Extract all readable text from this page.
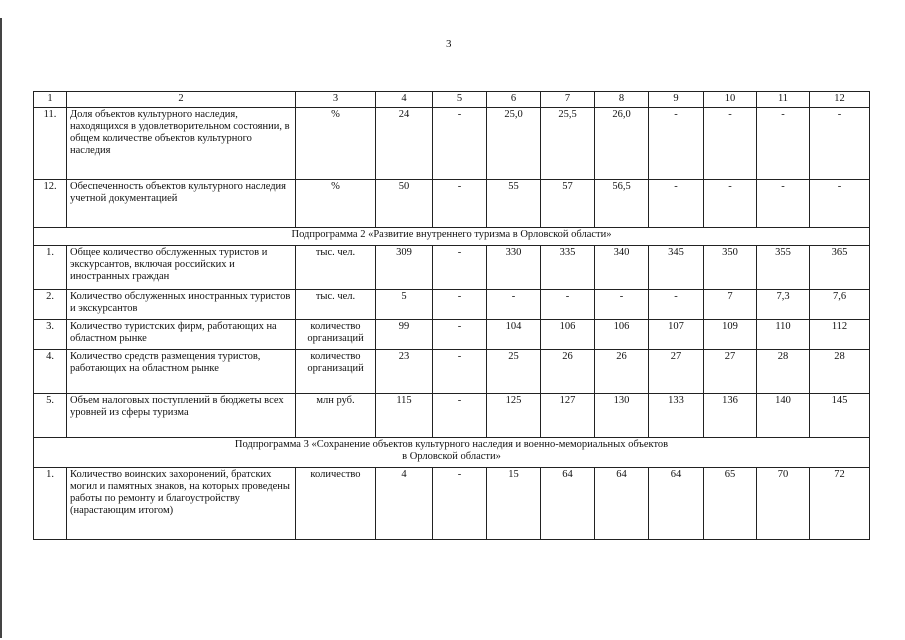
3
1	2	3	4	5	6	7	8	9	10	11	12
11.	Доля объектов культурного наследия, находящихся в удовлетворительном состоянии, в общем количестве объектов культурного наследия	%	24	-	25,0	25,5	26,0	-	-	-	-
12.	Обеспеченность объектов культурного наследия учетной документацией	%	50	-	55	57	56,5	-	-	-	-
Подпрограмма 2 «Развитие внутреннего туризма в Орловской области»											
1.	Общее количество обслуженных туристов и экскурсантов, включая российских и иностранных граждан	тыс. чел.	309	-	330	335	340	345	350	355	365
2.	Количество обслуженных иностранных туристов и экскурсантов	тыс. чел.	5	-	-	-	-	-	7	7,3	7,6
3.	Количество туристских фирм, работающих на областном рынке	количество организаций	99	-	104	106	106	107	109	110	112
4.	Количество средств размещения туристов, работающих на областном рынке	количество организаций	23	-	25	26	26	27	27	28	28
5.	Объем налоговых поступлений в бюджеты всех уровней из сферы туризма	млн руб.	115	-	125	127	130	133	136	140	145

Подпрограмма 3 «Сохранение объектов культурного наследия и военно-мемориальных объектов
в Орловской области»											

1.	Количество воинских захоронений, братских могил и памятных знаков, на которых проведены работы по ремонту и благоустройству (нарастающим итогом)	количество	4	-	15	64	64	64	65	70	72
